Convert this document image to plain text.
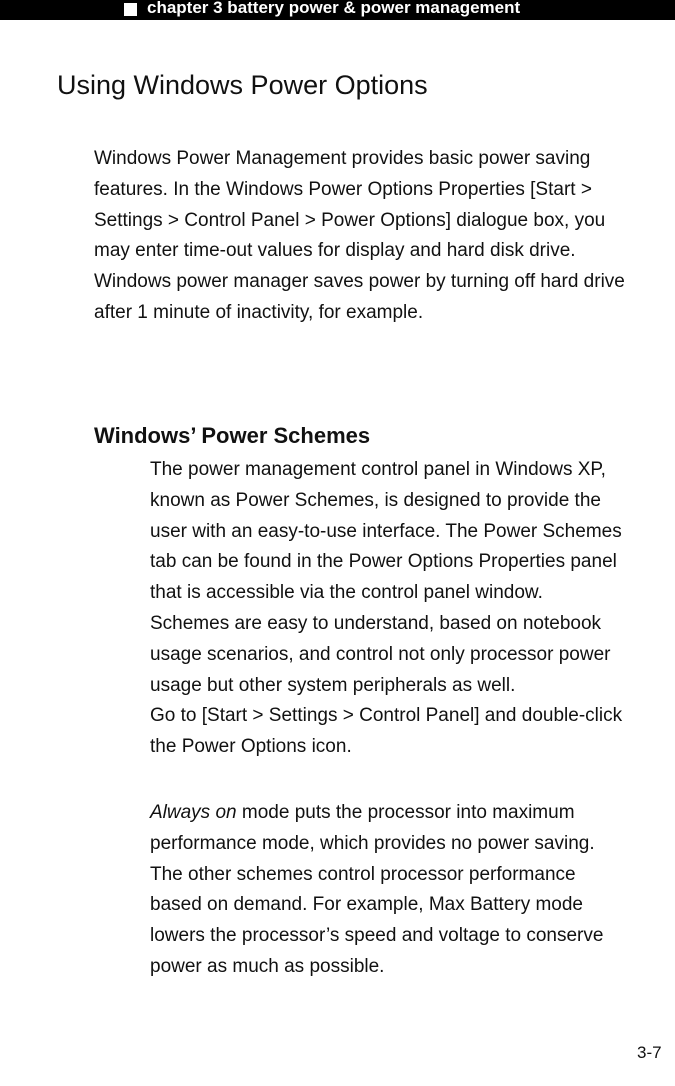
chapter 3 battery power & power management
Using Windows Power Options

Windows Power Management provides basic power saving
features. In the Windows Power Options Properties [Start >
Settings > Control Panel > Power Options] dialogue box, you
may enter time-out values for display and hard disk drive.
Windows power manager saves power by turning off hard drive
after 1 minute of inactivity, for example.

Windows’ Power Schemes

The power management control panel in Windows XP,
known as Power Schemes, is designed to provide the
user with an easy-to-use interface. The Power Schemes
tab can be found in the Power Options Properties panel
that is accessible via the control panel window.
Schemes are easy to understand, based on notebook
usage scenarios, and control not only processor power
usage but other system peripherals as well.
Go to [Start > Settings > Control Panel] and double-click
the Power Options icon.

Always on mode puts the processor into maximum
performance mode, which provides no power saving.
The other schemes control processor performance
based on demand. For example, Max Battery mode
lowers the processor’s speed and voltage to conserve
power as much as possible.

3-7
